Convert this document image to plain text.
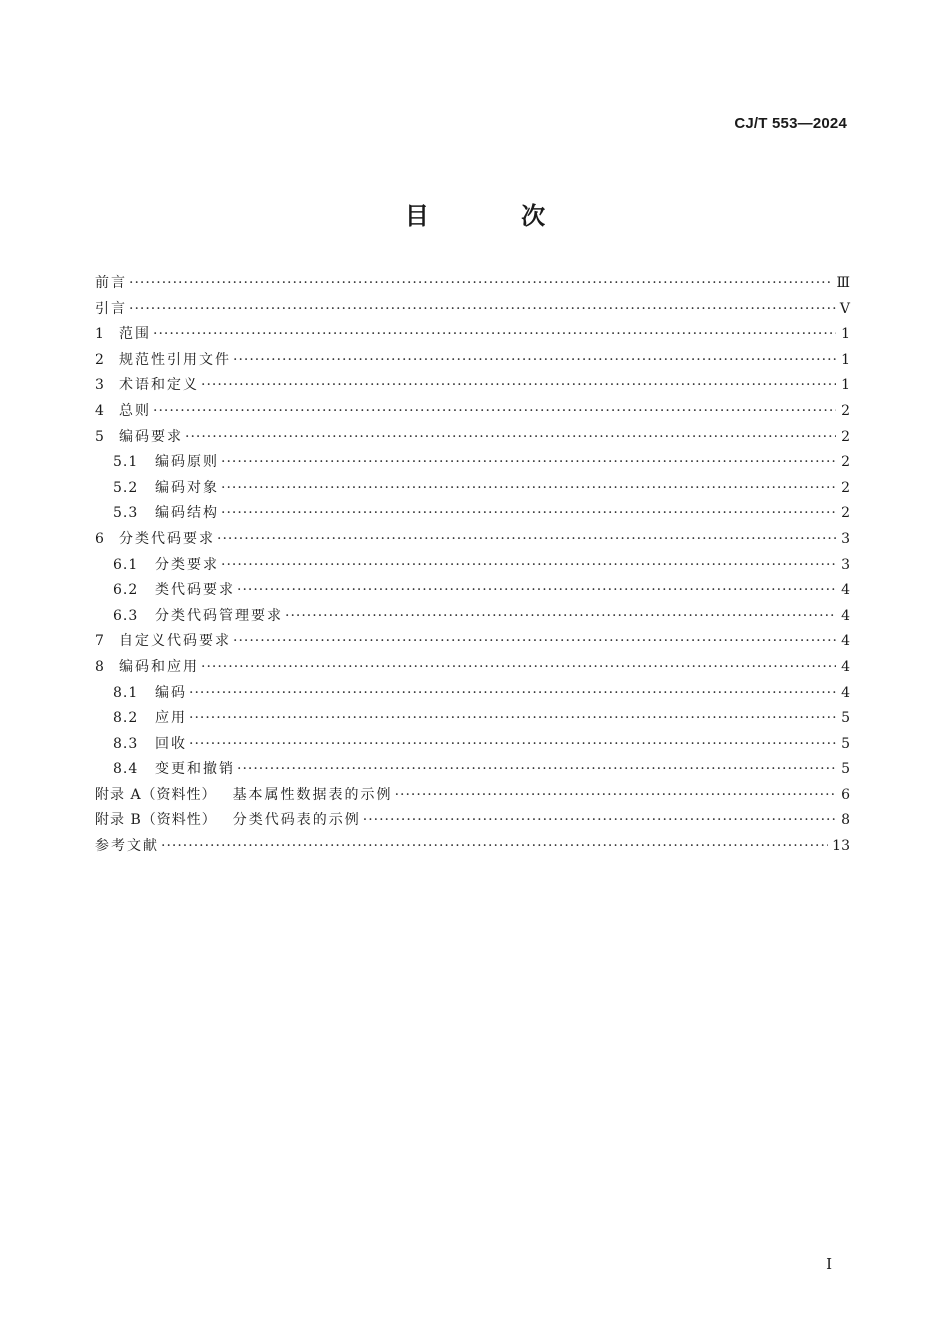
CJ/T 553—2024
目 次
前言 ·····	Ⅲ
引言 ·····	Ⅴ
1	范围 ·····	1
2	规范性引用文件 ·····	1
3	术语和定义 ·····	1
4	总则 ·····	2
5	编码要求 ·····	2
5.1	编码原则 ·····	2
5.2	编码对象 ·····	2
5.3	编码结构 ·····	2
6	分类代码要求 ·····	3
6.1	分类要求 ·····	3
6.2	类代码要求 ·····	4
6.3	分类代码管理要求 ·····	4
7	自定义代码要求 ·····	4
8	编码和应用 ·····	4
8.1	编码 ·····	4
8.2	应用 ·····	5
8.3	回收 ·····	5
8.4	变更和撤销 ·····	5
附录 A（资料性） 基本属性数据表的示例 ·····	6
附录 B（资料性） 分类代码表的示例 ·····	8
参考文献 ·····	13
I
